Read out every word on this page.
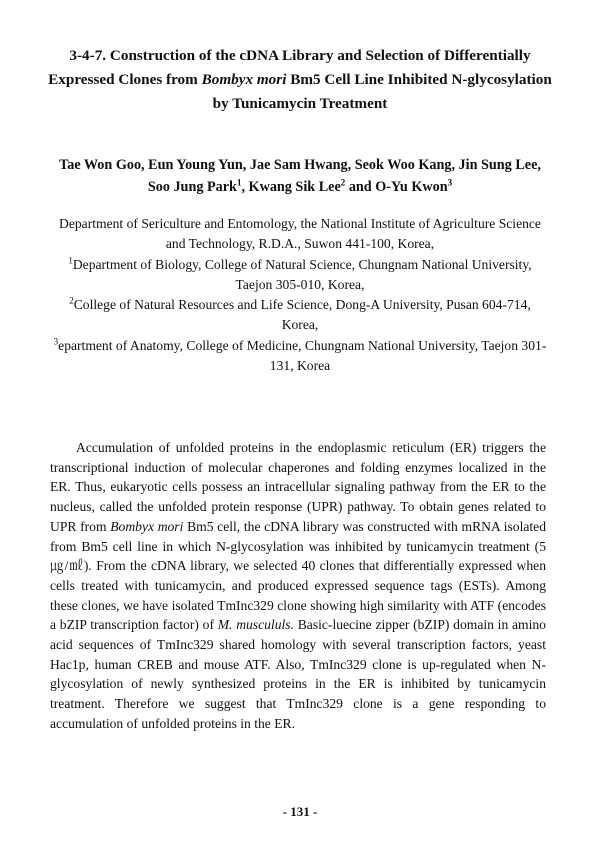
3-4-7. Construction of the cDNA Library and Selection of Differentially Expressed Clones from Bombyx mori Bm5 Cell Line Inhibited N-glycosylation by Tunicamycin Treatment
Tae Won Goo, Eun Young Yun, Jae Sam Hwang, Seok Woo Kang, Jin Sung Lee, Soo Jung Park$^1$, Kwang Sik Lee$^2$ and O-Yu Kwon$^3$
Department of Sericulture and Entomology, the National Institute of Agriculture Science and Technology, R.D.A., Suwon 441-100, Korea,
$^1$Department of Biology, College of Natural Science, Chungnam National University, Taejon 305-010, Korea,
$^2$College of Natural Resources and Life Science, Dong-A University, Pusan 604-714, Korea,
$^3$epartment of Anatomy, College of Medicine, Chungnam National University, Taejon 301-131, Korea

Accumulation of unfolded proteins in the endoplasmic reticulum (ER) triggers the transcriptional induction of molecular chaperones and folding enzymes localized in the ER. Thus, eukaryotic cells possess an intracellular signaling pathway from the ER to the nucleus, called the unfolded protein response (UPR) pathway. To obtain genes related to UPR from Bombyx mori Bm5 cell, the cDNA library was constructed with mRNA isolated from Bm5 cell line in which N-glycosylation was inhibited by tunicamycin treatment (5 ㎍/㎖). From the cDNA library, we selected 40 clones that differentially expressed when cells treated with tunicamycin, and produced expressed sequence tags (ESTs). Among these clones, we have isolated TmInc329 clone showing high similarity with ATF (encodes a bZIP transcription factor) of M. muscululs. Basic-luecine zipper (bZIP) domain in amino acid sequences of TmInc329 shared homology with several transcription factors, yeast Hac1p, human CREB and mouse ATF. Also, TmInc329 clone is up-regulated when N-glycosylation of newly synthesized proteins in the ER is inhibited by tunicamycin treatment. Therefore we suggest that TmInc329 clone is a gene responding to accumulation of unfolded proteins in the ER.

- 131 -
